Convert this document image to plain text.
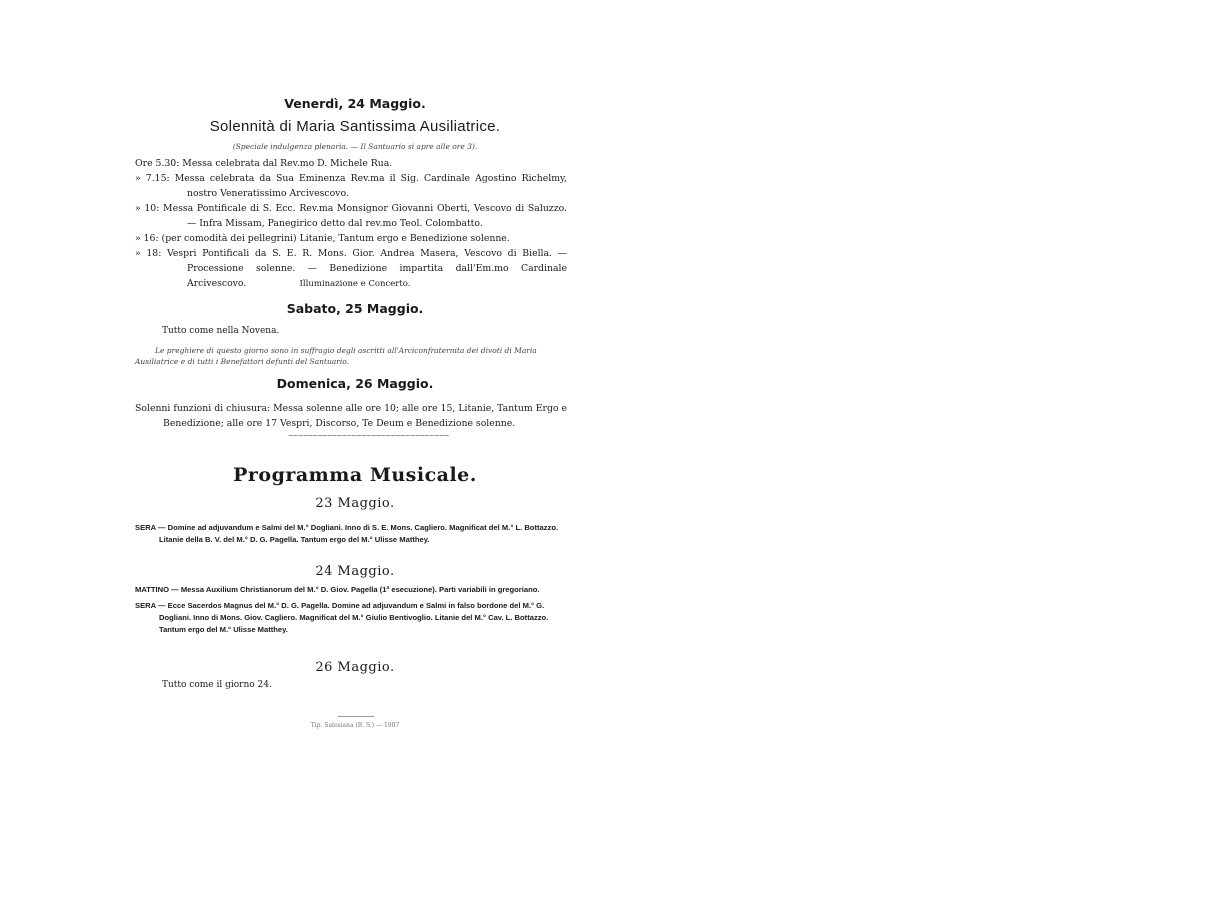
Venerdì, 24 Maggio.
Solennità di Maria Santissima Ausiliatrice.
(Speciale indulgenza plenaria. — Il Santuario si apre alle ore 3).

Ore 5.30: Messa celebrata dal Rev.mo D. Michele Rua.

» 7.15: Messa celebrata da Sua Eminenza Rev.ma il Sig. Cardinale Agostino Richelmy, nostro Veneratissimo Arcivescovo.

» 10: Messa Pontificale di S. Ecc. Rev.ma Monsignor Giovanni Oberti, Vescovo di Saluzzo. — Infra Missam, Panegirico detto dal rev.mo Teol. Colombatto.

» 16: (per comodità dei pellegrini) Litanie, Tantum ergo e Benedizione solenne.

» 18: Vespri Pontificali da S. E. R. Mons. Gior. Andrea Masera, Vescovo di Biella. — Processione solenne. — Benedizione impartita dall'Em.mo Cardinale Arcivescovo.	Illuminazione e Concerto.
Sabato, 25 Maggio.
Tutto come nella Novena.
Le preghiere di questo giorno sono in suffragio degli ascritti all'Arciconfraternita dei divoti di Maria Ausiliatrice e di tutti i Benefattori defunti del Santuario.
Domenica, 26 Maggio.

Solenni funzioni di chiusura: Messa solenne alle ore 10; alle ore 15, Litanie, Tantum Ergo e Benedizione; alle ore 17 Vespri, Discorso, Te Deum e Benedizione solenne.

~~~~~~~~~~~~~~~~~~~~~~~~~~~~~~~~~
Programma Musicale.
23 Maggio.

SERA — Domine ad adjuvandum e Salmi del M.° Dogliani. Inno di S. E. Mons. Cagliero. Magnificat del M.° L. Bottazzo. Litanie della B. V. del M.° D. G. Pagella. Tantum ergo del M.° Ulisse Matthey.

24 Maggio.

MATTINO — Messa Auxilium Christianorum del M.° D. Giov. Pagella (1ª esecuzione). Parti variabili in gregoriano.

SERA — Ecce Sacerdos Magnus del M.° D. G. Pagella. Domine ad adjuvandum e Salmi in falso bordone del M.° G. Dogliani. Inno di Mons. Giov. Cagliero. Magnificat del M.° Giulio Bentivoglio. Litanie del M.° Cav. L. Bottazzo. Tantum ergo del M.° Ulisse Matthey.

26 Maggio.
Tutto come il giorno 24.
Tip. Salesiana (B. S.) — 1907
